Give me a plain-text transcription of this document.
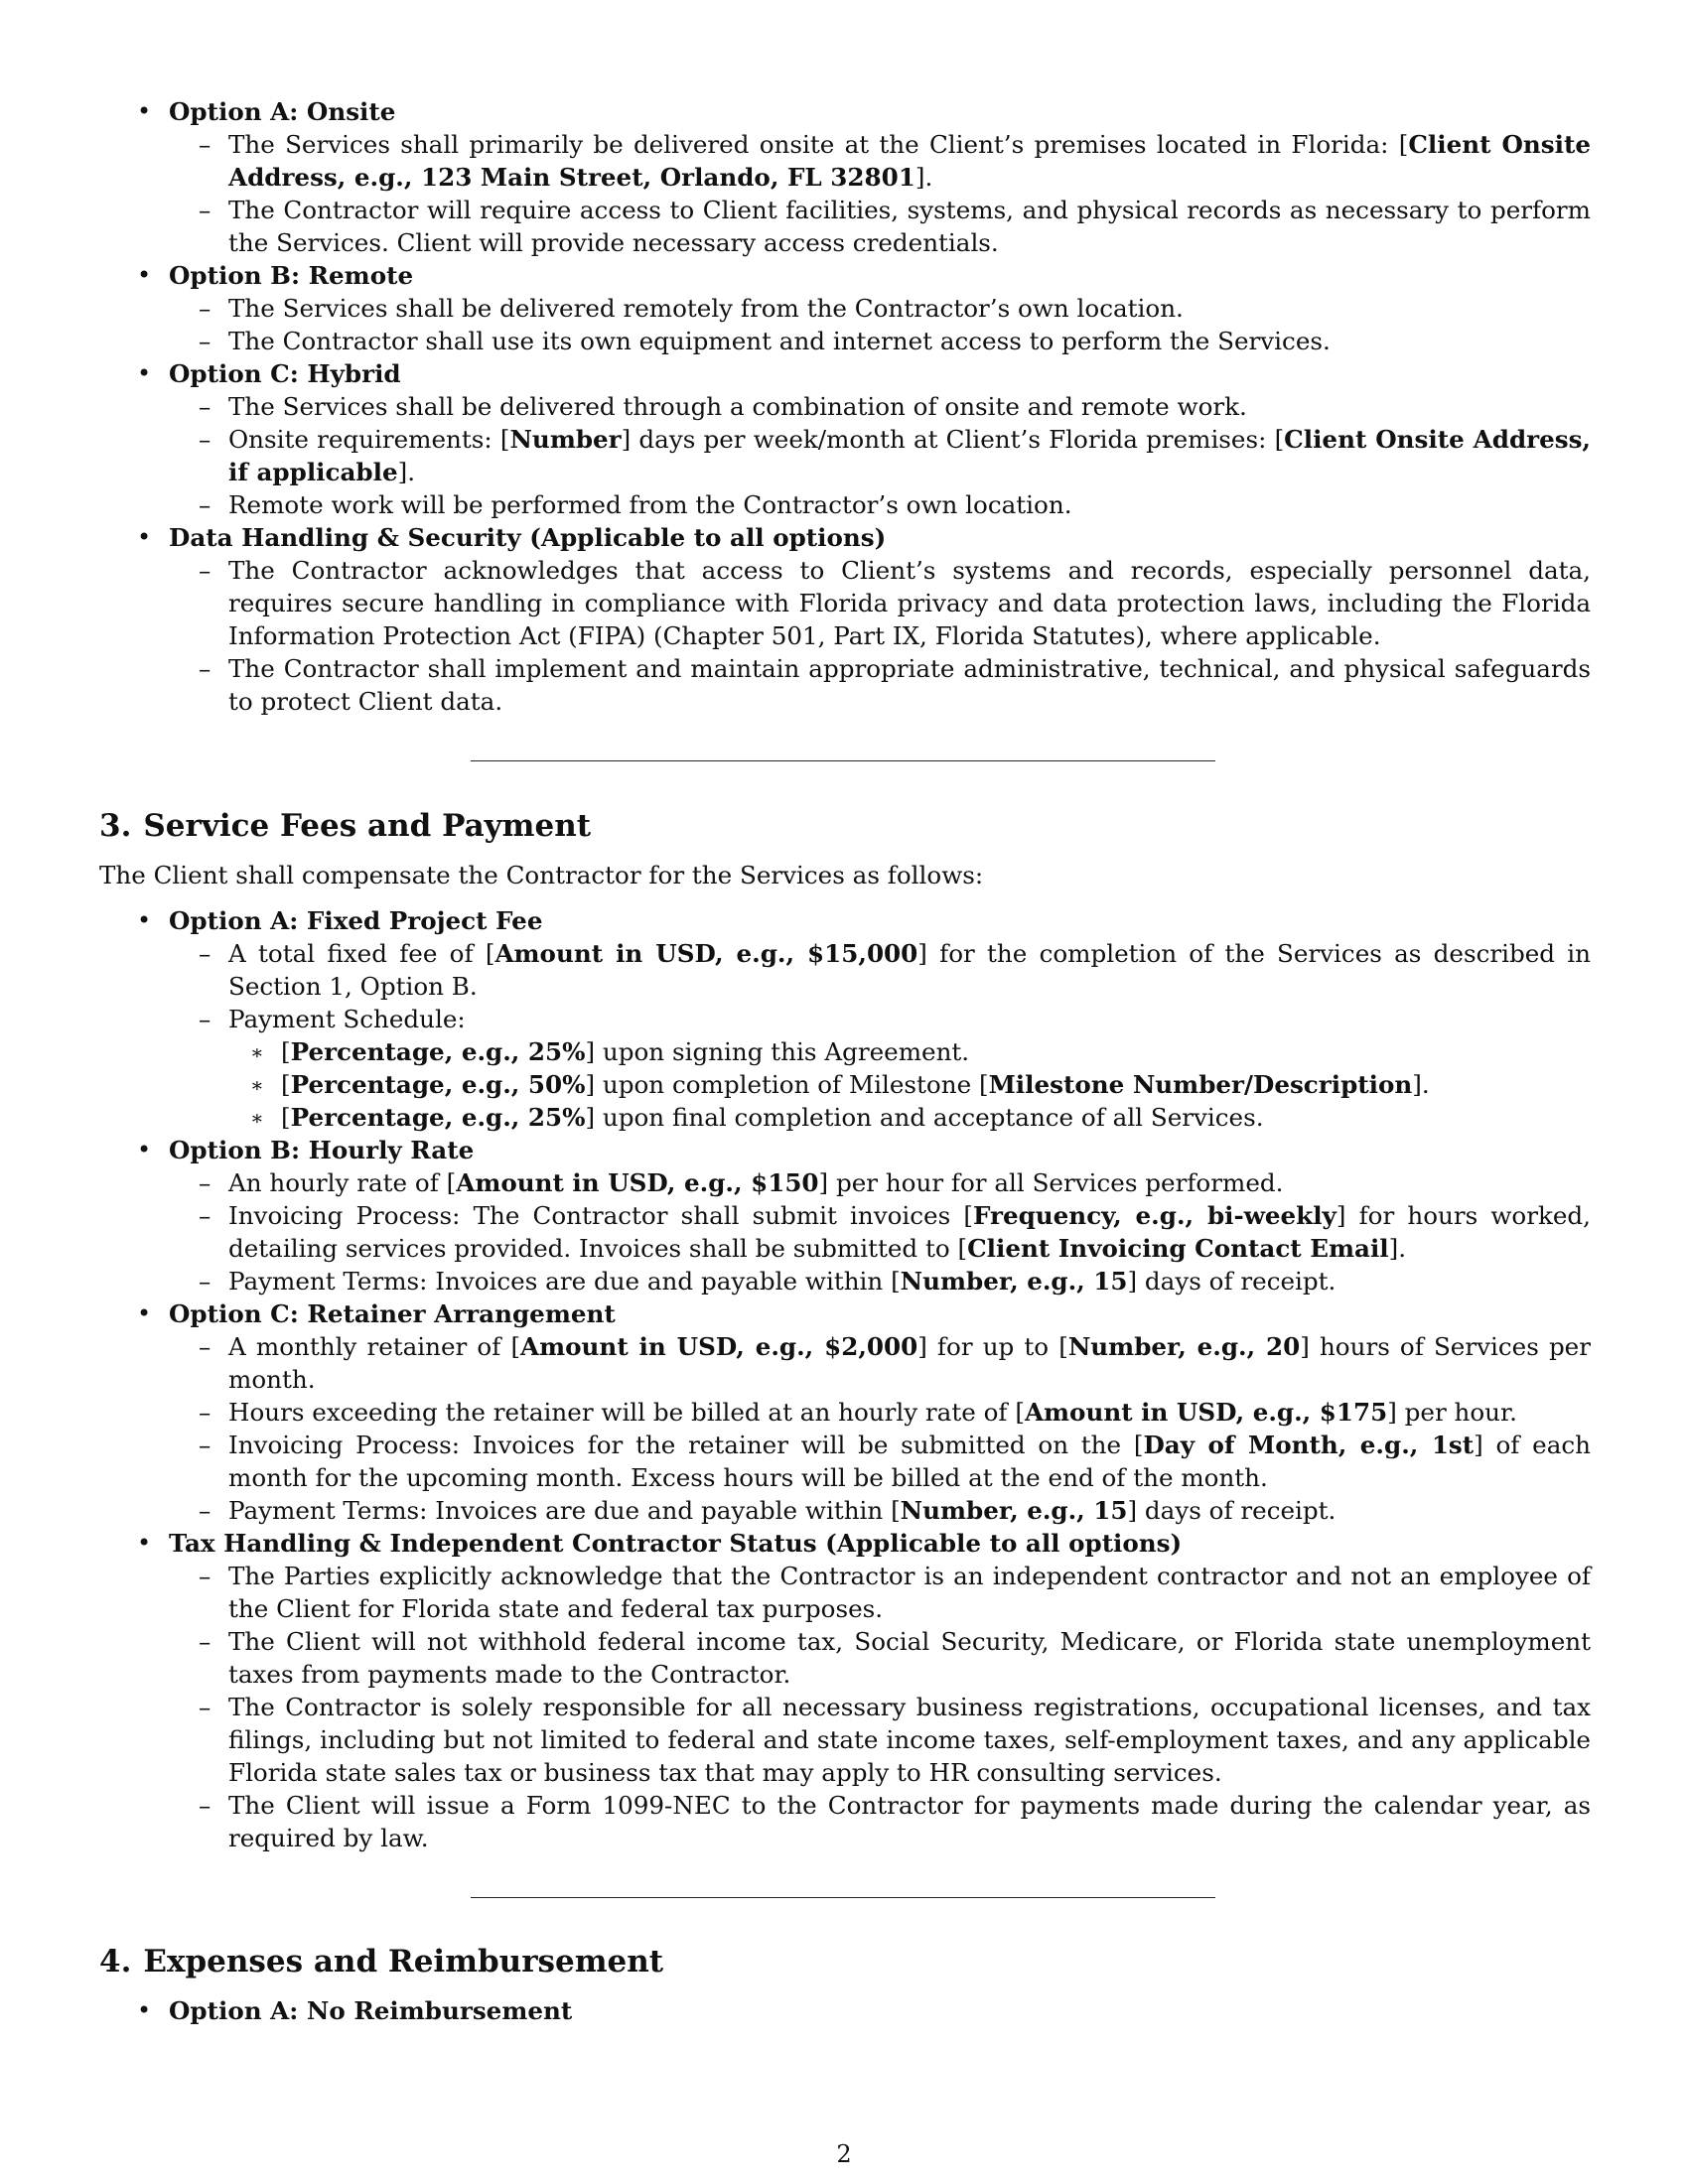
• Option A: Onsite
– The Services shall primarily be delivered onsite at the Client’s premises located in Florida: [Client Onsite Address, e.g., 123 Main Street, Orlando, FL 32801].
– The Contractor will require access to Client facilities, systems, and physical records as necessary to perform the Services. Client will provide necessary access credentials.
• Option B: Remote
– The Services shall be delivered remotely from the Contractor’s own location.
– The Contractor shall use its own equipment and internet access to perform the Services.
• Option C: Hybrid
– The Services shall be delivered through a combination of onsite and remote work.
– Onsite requirements: [Number] days per week/month at Client’s Florida premises: [Client Onsite Address, if applicable].
– Remote work will be performed from the Contractor’s own location.
• Data Handling & Security (Applicable to all options)
– The Contractor acknowledges that access to Client’s systems and records, especially personnel data, requires secure handling in compliance with Florida privacy and data protection laws, including the Florida Information Protection Act (FIPA) (Chapter 501, Part IX, Florida Statutes), where applicable.
– The Contractor shall implement and maintain appropriate administrative, technical, and physical safeguards to protect Client data.
3. Service Fees and Payment
The Client shall compensate the Contractor for the Services as follows:
• Option A: Fixed Project Fee
– A total fixed fee of [Amount in USD, e.g., $15,000] for the completion of the Services as described in Section 1, Option B.
– Payment Schedule:
∗ [Percentage, e.g., 25%] upon signing this Agreement.
∗ [Percentage, e.g., 50%] upon completion of Milestone [Milestone Number/Description].
∗ [Percentage, e.g., 25%] upon final completion and acceptance of all Services.
• Option B: Hourly Rate
– An hourly rate of [Amount in USD, e.g., $150] per hour for all Services performed.
– Invoicing Process: The Contractor shall submit invoices [Frequency, e.g., bi-weekly] for hours worked, detailing services provided. Invoices shall be submitted to [Client Invoicing Contact Email].
– Payment Terms: Invoices are due and payable within [Number, e.g., 15] days of receipt.
• Option C: Retainer Arrangement
– A monthly retainer of [Amount in USD, e.g., $2,000] for up to [Number, e.g., 20] hours of Services per month.
– Hours exceeding the retainer will be billed at an hourly rate of [Amount in USD, e.g., $175] per hour.
– Invoicing Process: Invoices for the retainer will be submitted on the [Day of Month, e.g., 1st] of each month for the upcoming month. Excess hours will be billed at the end of the month.
– Payment Terms: Invoices are due and payable within [Number, e.g., 15] days of receipt.
• Tax Handling & Independent Contractor Status (Applicable to all options)
– The Parties explicitly acknowledge that the Contractor is an independent contractor and not an employee of the Client for Florida state and federal tax purposes.
– The Client will not withhold federal income tax, Social Security, Medicare, or Florida state unemployment taxes from payments made to the Contractor.
– The Contractor is solely responsible for all necessary business registrations, occupational licenses, and tax filings, including but not limited to federal and state income taxes, self-employment taxes, and any applicable Florida state sales tax or business tax that may apply to HR consulting services.
– The Client will issue a Form 1099-NEC to the Contractor for payments made during the calendar year, as required by law.
4. Expenses and Reimbursement
• Option A: No Reimbursement
2
